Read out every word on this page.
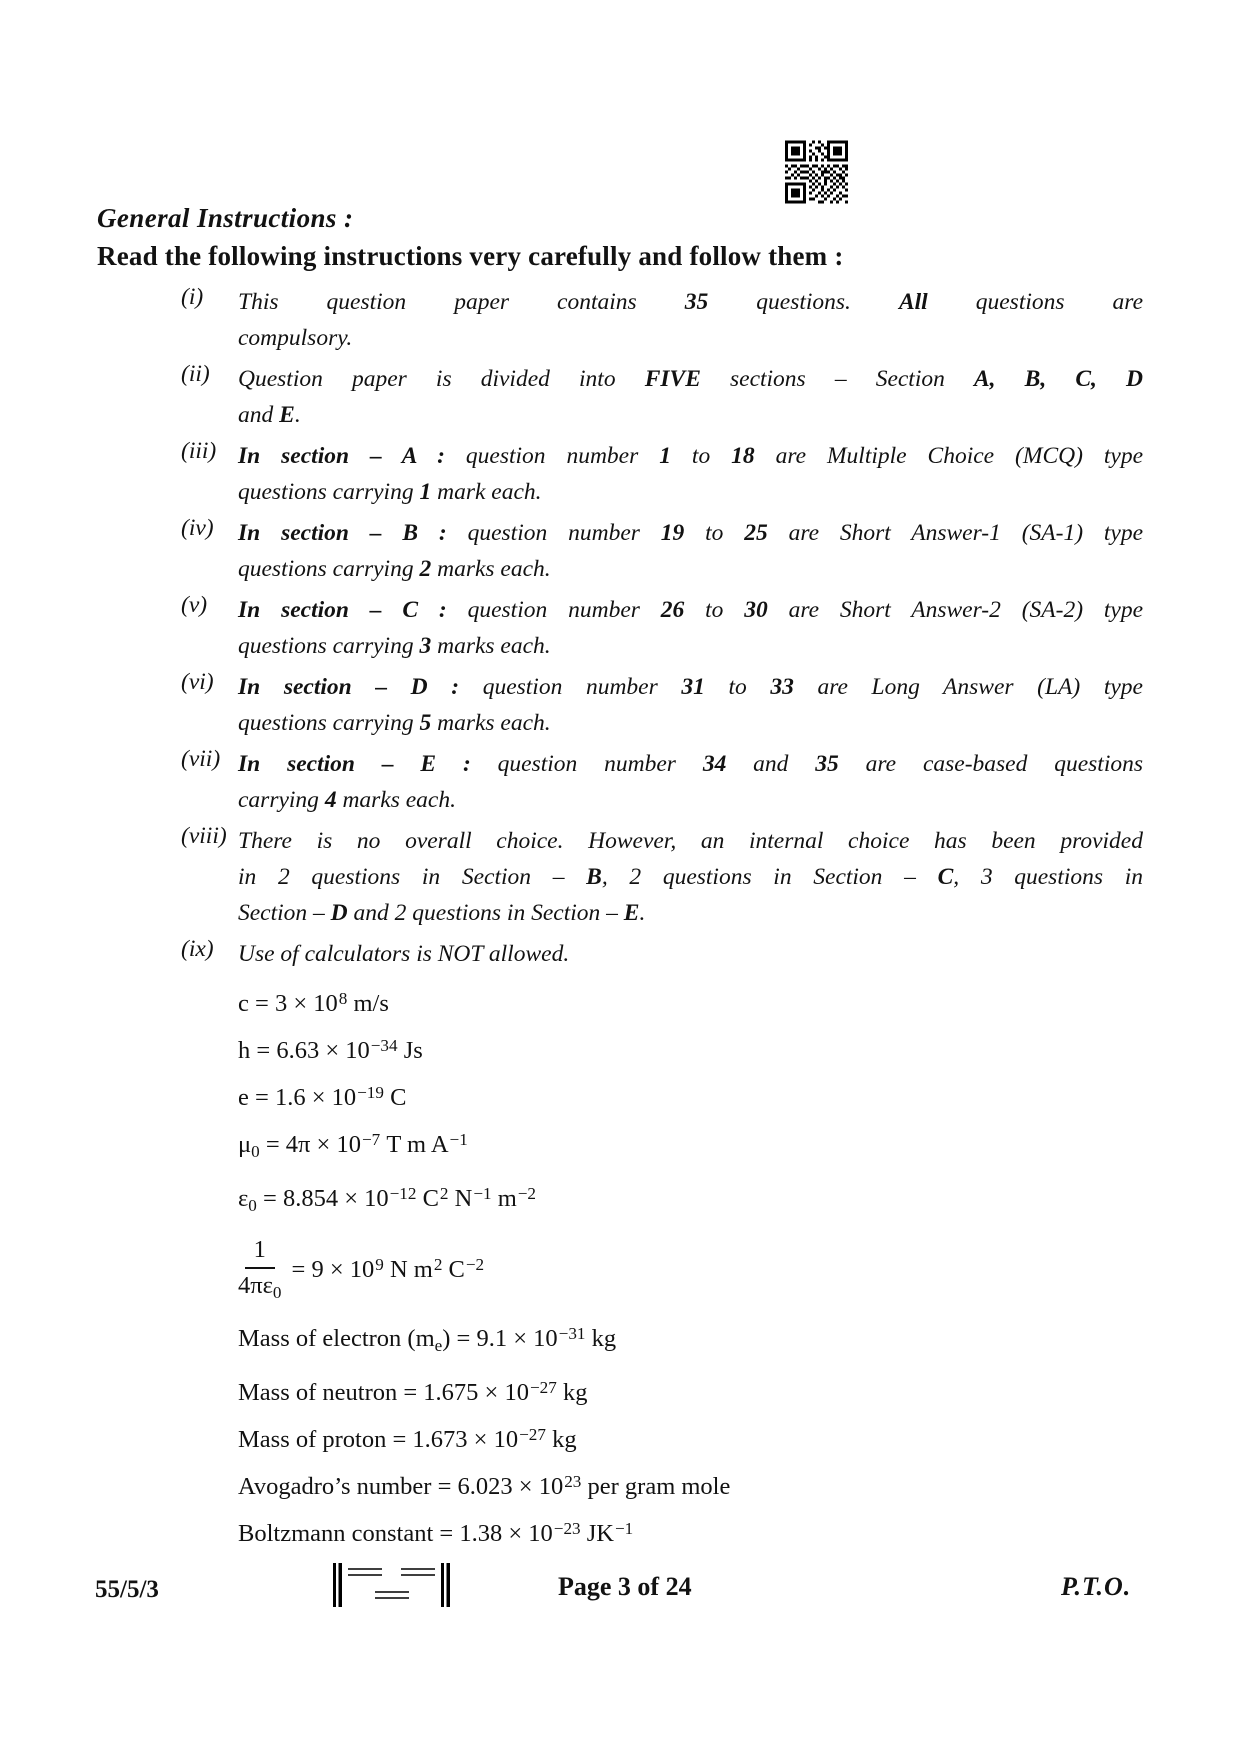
General Instructions :
Read the following instructions very carefully and follow them :
(i)	This question paper contains 35 questions. All questions are
compulsory.
(ii)	Question paper is divided into FIVE sections – Section A, B, C, D
and E.
(iii) In section – A : question number 1 to 18 are Multiple Choice (MCQ) type
questions carrying 1 mark each.
(iv)	In section – B : question number 19 to 25 are Short Answer-1 (SA-1) type
questions carrying 2 marks each.
(v)	In section – C : question number 26 to 30 are Short Answer-2 (SA-2) type
questions carrying 3 marks each.
(vi)	In section – D : question number 31 to 33 are Long Answer (LA) type
questions carrying 5 marks each.
(vii) In section – E : question number 34 and 35 are case-based questions
carrying 4 marks each.
(viii) There is no overall choice. However, an internal choice has been provided
in 2 questions in Section – B, 2 questions in Section – C, 3 questions in
Section – D and 2 questions in Section – E.
(ix)	Use of calculators is NOT allowed.
$c = 3 \times 10^8$ m/s
$h = 6.63 \times 10^{-34}$ Js
$e = 1.6 \times 10^{-19}$ C
$\mu_0 = 4\pi \times 10^{-7}$ T m $A^{-1}$
$\varepsilon_0 = 8.854 \times 10^{-12}$ $C^2$ $N^{-1}$ $m^{-2}$
$\frac{1}{4\pi\varepsilon_0} = 9 \times 10^9$ N $m^2$ $C^{-2}$
Mass of electron $(m_e) = 9.1 \times 10^{-31}$ kg
Mass of neutron = $1.675 \times 10^{-27}$ kg
Mass of proton = $1.673 \times 10^{-27}$ kg
Avogadro’s number = $6.023 \times 10^{23}$ per gram mole
Boltzmann constant = $1.38 \times 10^{-23}$ $JK^{-1}$
55/5/3	Page 3 of 24	P.T.O.
